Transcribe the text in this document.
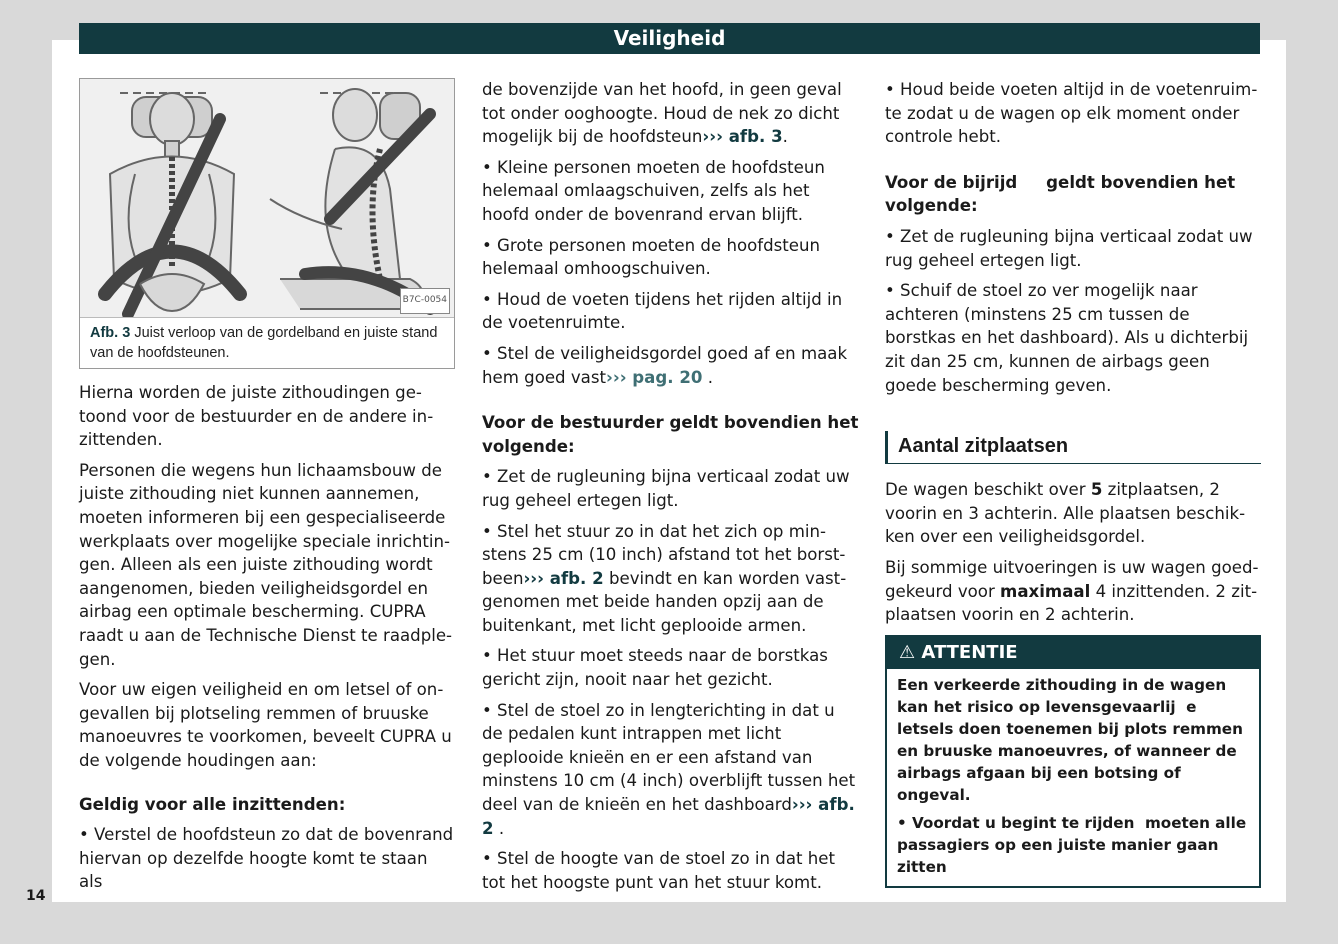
Veiligheid
B7C-0054
Afb. 3 Juist verloop van de gordelband en juiste stand van de hoofdsteunen.

Hierna worden de juiste zithoudingen getoond voor de bestuurder en de andere inzittenden.

Personen die wegens hun lichaamsbouw de juiste zithouding niet kunnen aannemen, moeten informeren bij een gespecialiseerde werkplaats over mogelijke speciale inrichtingen. Alleen als een juiste zithouding wordt aangenomen, bieden veiligheidsgordel en airbag een optimale bescherming. CUPRA raadt u aan de Technische Dienst te raadplegen.

Voor uw eigen veiligheid en om letsel of ongevallen bij plotseling remmen of bruuske manoeuvres te voorkomen, beveelt CUPRA u de volgende houdingen aan:

Geldig voor alle inzittenden:

• Verstel de hoofdsteun zo dat de bovenrand hiervan op dezelfde hoogte komt te staan als

de bovenzijde van het hoofd, in geen geval tot onder ooghoogte. Houd de nek zo dicht mogelijk bij de hoofdsteun››› afb. 3.

• Kleine personen moeten de hoofdsteun helemaal omlaagschuiven, zelfs als het hoofd onder de bovenrand ervan blijft.

• Grote personen moeten de hoofdsteun helemaal omhoogschuiven.

• Houd de voeten tijdens het rijden altijd in de voetenruimte.

• Stel de veiligheidsgordel goed af en maak hem goed vast››› pag. 20 .

Voor de bestuurder geldt bovendien het volgende:

• Zet de rugleuning bijna verticaal zodat uw rug geheel ertegen ligt.

• Stel het stuur zo in dat het zich op minstens 25 cm (10 inch) afstand tot het borstbeen››› afb. 2 bevindt en kan worden vastgenomen met beide handen opzij aan de buitenkant, met licht geplooide armen.

• Het stuur moet steeds naar de borstkas gericht zijn, nooit naar het gezicht.

• Stel de stoel zo in lengterichting in dat u de pedalen kunt intrappen met licht geplooide knieën en er een afstand van minstens 10 cm (4 inch) overblijft tussen het deel van de knieën en het dashboard››› afb. 2 .

• Stel de hoogte van de stoel zo in dat het tot het hoogste punt van het stuur komt.

• Houd beide voeten altijd in de voetenruimte zodat u de wagen op elk moment onder controle hebt.

Voor de bijrijd     geldt bovendien het volgende:

• Zet de rugleuning bijna verticaal zodat uw rug geheel ertegen ligt.

• Schuif de stoel zo ver mogelijk naar achteren (minstens 25 cm tussen de borstkas en het dashboard). Als u dichterbij zit dan 25 cm, kunnen de airbags geen goede bescherming geven.

Aantal zitplaatsen

De wagen beschikt over 5 zitplaatsen, 2 voorin en 3 achterin. Alle plaatsen beschikken over een veiligheidsgordel.

Bij sommige uitvoeringen is uw wagen goedgekeurd voor maximaal 4 inzittenden. 2 zitplaatsen voorin en 2 achterin.

⚠ ATTENTIE

Een verkeerde zithouding in de wagen kan het risico op levensgevaarlij  e letsels doen toenemen bij plots remmen en bruuske manoeuvres, of wanneer de airbags afgaan bij een botsing of ongeval.

• Voordat u begint te rijden  moeten alle passagiers op een juiste manier gaan zitten

14
